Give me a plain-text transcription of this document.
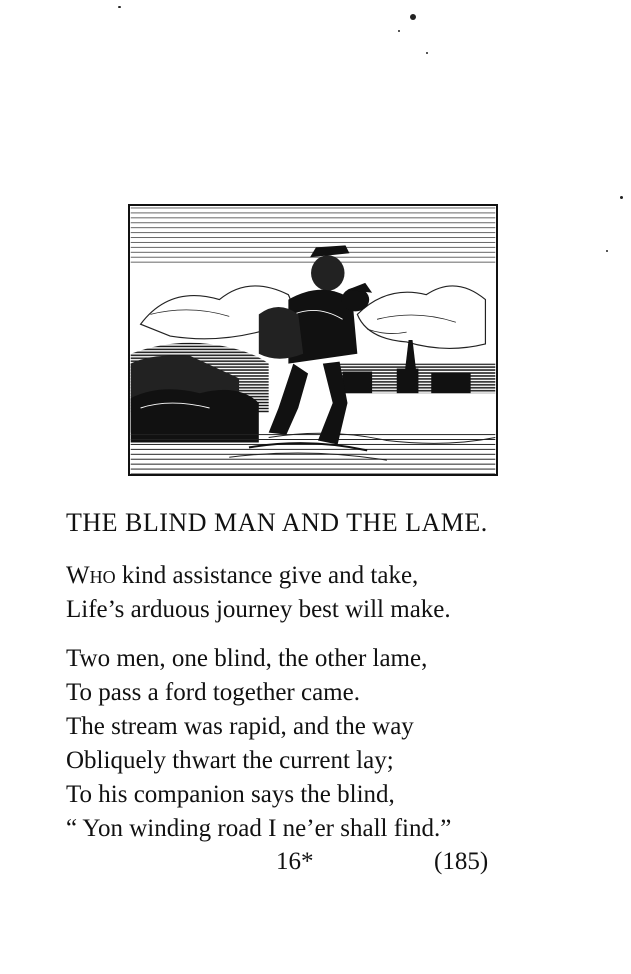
THE BLIND MAN AND THE LAME.
Who kind assistance give and take,
Life’s arduous journey best will make.
Two men, one blind, the other lame,
To pass a ford together came.
The stream was rapid, and the way
Obliquely thwart the current lay;
To his companion says the blind,
“ Yon winding road I ne’er shall find.”
16*	(185)
